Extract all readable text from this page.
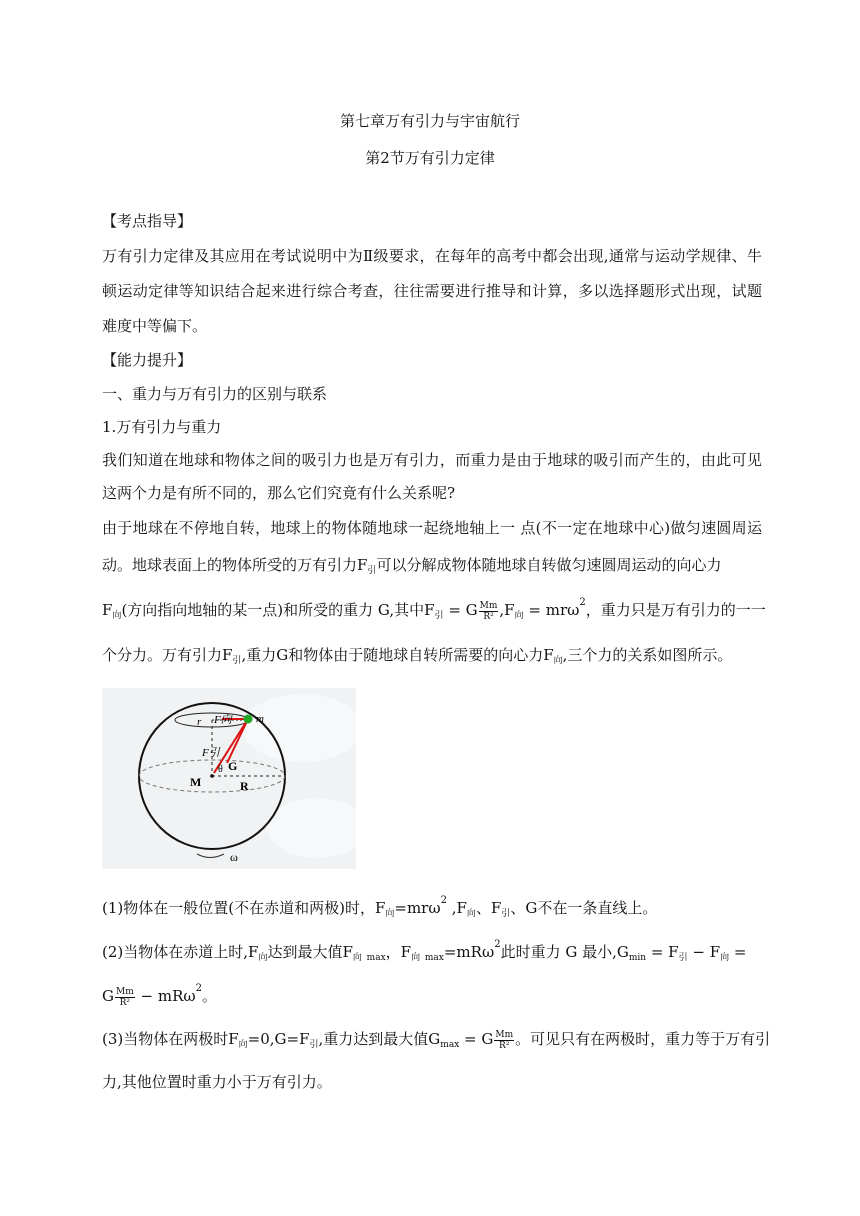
第七章万有引力与宇宙航行
第2节万有引力定律
【考点指导】
万有引力定律及其应用在考试说明中为Ⅱ级要求，在每年的高考中都会出现,通常与运动学规律、牛
顿运动定律等知识结合起来进行综合考查，往往需要进行推导和计算，多以选择题形式出现，试题
难度中等偏下。
【能力提升】
一、重力与万有引力的区别与联系
1.万有引力与重力
我们知道在地球和物体之间的吸引力也是万有引力，而重力是由于地球的吸引而产生的，由此可见
这两个力是有所不同的，那么它们究竟有什么关系呢?
由于地球在不停地自转，地球上的物体随地球一起绕地轴上一 点(不一定在地球中心)做匀速圆周运
动。地球表面上的物体所受的万有引力$F_引$可以分解成物体随地球自转做匀速圆周运动的向心力
$F_向$(方向指向地轴的某一点)和所受的重力 G,其中$F_引 = G \frac{Mm}{\text{R²}} ,F_向 = mr\omega^2$，重力只是万有引力的一一
个分力。万有引力$F_引$,重力G和物体由于随地球自转所需要的向心力$F_向$,三个力的关系如图所示。
F向 m
F引
θ G
M	R
r
ω
(1)物体在一般位置(不在赤道和两极)时，$F_向=mr\omega^2$ $,F_向$、$F_引$、G不在一条直线上。
(2)当物体在赤道上时$,F_向$达到最大值$F_向$ $_{max}$，$F_向$ $_{max}$=mRω$^2$此时重力 G 最小$,G_{min} = F_引 - F_向$ =
G $\frac{Mm}{\text{R²}} - mR\omega^2$。
(3)当物体在两极时$F_向=0,G=F_引$,重力达到最大值$G_{max} = G \frac{Mm}{\text{R²}}$ 。可见只有在两极时，重力等于万有引
力,其他位置时重力小于万有引力。
